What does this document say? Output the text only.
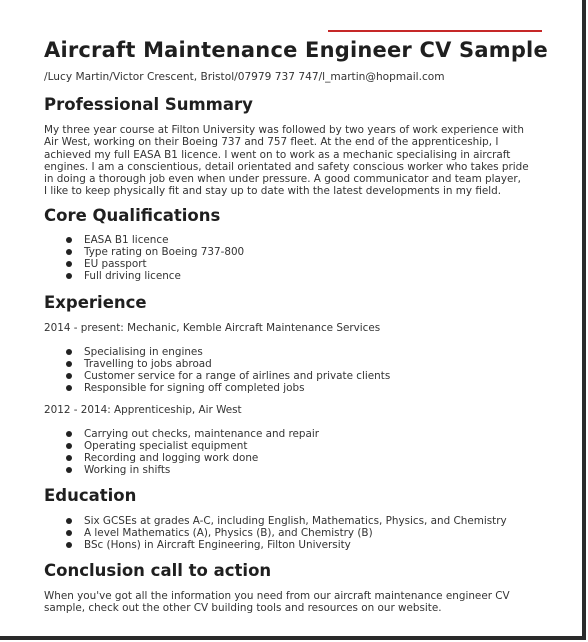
Aircraft Maintenance Engineer CV Sample
/Lucy Martin/Victor Crescent, Bristol/07979 737 747/l_martin@hopmail.com
Professional Summary
My three year course at Filton University was followed by two years of work experience with
Air West, working on their Boeing 737 and 757 fleet. At the end of the apprenticeship, I
achieved my full EASA B1 licence. I went on to work as a mechanic specialising in aircraft
engines. I am a conscientious, detail orientated and safety conscious worker who takes pride
in doing a thorough job even when under pressure. A good communicator and team player,
I like to keep physically fit and stay up to date with the latest developments in my field.
Core Qualifications
EASA B1 licence
Type rating on Boeing 737-800
EU passport
Full driving licence
Experience
2014 - present: Mechanic, Kemble Aircraft Maintenance Services
Specialising in engines
Travelling to jobs abroad
Customer service for a range of airlines and private clients
Responsible for signing off completed jobs
2012 - 2014: Apprenticeship, Air West
Carrying out checks, maintenance and repair
Operating specialist equipment
Recording and logging work done
Working in shifts
Education
Six GCSEs at grades A-C, including English, Mathematics, Physics, and Chemistry
A level Mathematics (A), Physics (B), and Chemistry (B)
BSc (Hons) in Aircraft Engineering, Filton University
Conclusion call to action
When you've got all the information you need from our aircraft maintenance engineer CV
sample, check out the other CV building tools and resources on our website.
